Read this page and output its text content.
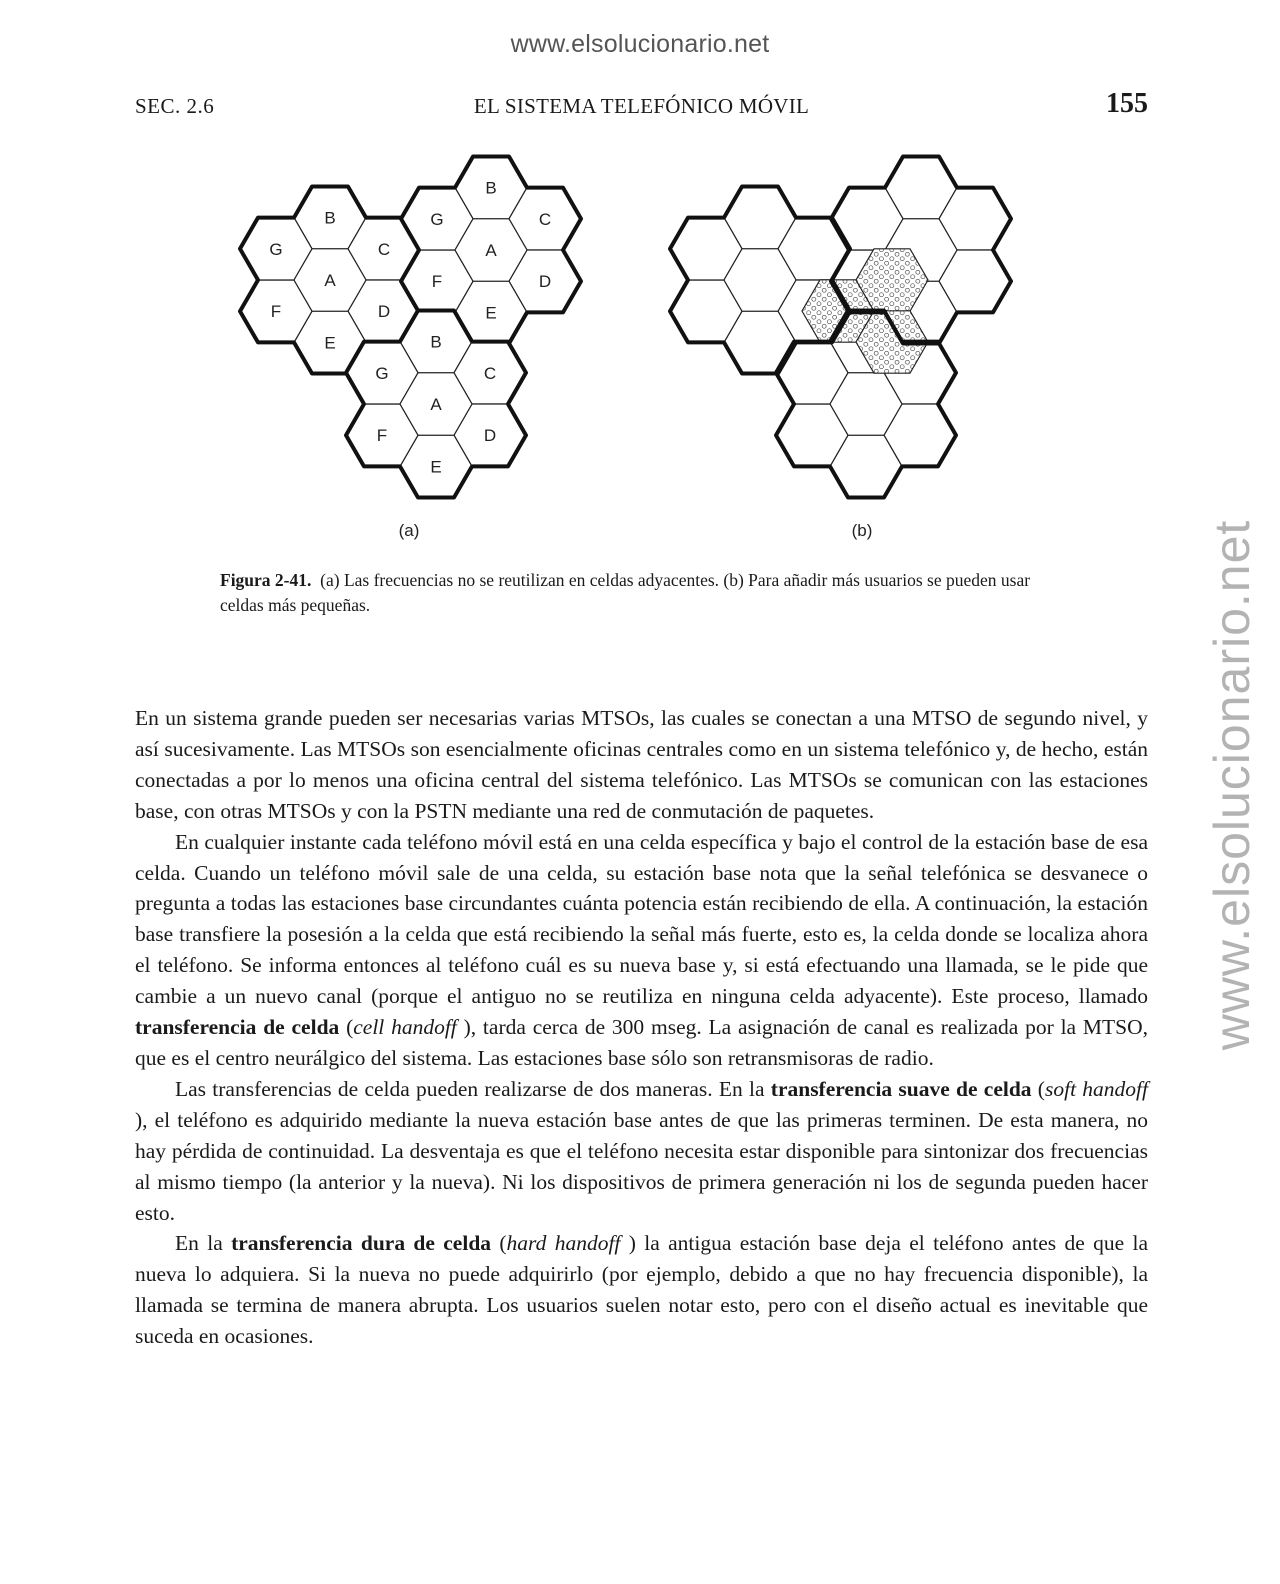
www.elsolucionario.net
www.elsolucionario.net
SEC. 2.6	EL SISTEMA TELEFÓNICO MÓVIL	155
B
C
D
E
F
G
A
B
C
D
E
F
G
A
B
C
D
E
F
G
A
(a)	(b)
Figura 2-41. (a) Las frecuencias no se reutilizan en celdas adyacentes. (b) Para añadir más usuarios se pueden usar celdas más pequeñas.

En un sistema grande pueden ser necesarias varias MTSOs, las cuales se conectan a una MTSO de segundo nivel, y así sucesivamente. Las MTSOs son esencialmente oficinas centrales como en un sistema telefónico y, de hecho, están conectadas a por lo menos una oficina central del sistema telefónico. Las MTSOs se comunican con las estaciones base, con otras MTSOs y con la PSTN mediante una red de conmutación de paquetes.

En cualquier instante cada teléfono móvil está en una celda específica y bajo el control de la estación base de esa celda. Cuando un teléfono móvil sale de una celda, su estación base nota que la señal telefónica se desvanece o pregunta a todas las estaciones base circundantes cuánta potencia están recibiendo de ella. A continuación, la estación base transfiere la posesión a la celda que está recibiendo la señal más fuerte, esto es, la celda donde se localiza ahora el teléfono. Se informa entonces al teléfono cuál es su nueva base y, si está efectuando una llamada, se le pide que cambie a un nuevo canal (porque el antiguo no se reutiliza en ninguna celda adyacente). Este proceso, llamado transferencia de celda (cell handoff ), tarda cerca de 300 mseg. La asignación de canal es realizada por la MTSO, que es el centro neurálgico del sistema. Las estaciones base sólo son retransmisoras de radio.

Las transferencias de celda pueden realizarse de dos maneras. En la transferencia suave de celda (soft handoff ), el teléfono es adquirido mediante la nueva estación base antes de que las primeras terminen. De esta manera, no hay pérdida de continuidad. La desventaja es que el teléfono necesita estar disponible para sintonizar dos frecuencias al mismo tiempo (la anterior y la nueva). Ni los dispositivos de primera generación ni los de segunda pueden hacer esto.

En la transferencia dura de celda (hard handoff ) la antigua estación base deja el teléfono antes de que la nueva lo adquiera. Si la nueva no puede adquirirlo (por ejemplo, debido a que no hay frecuencia disponible), la llamada se termina de manera abrupta. Los usuarios suelen notar esto, pero con el diseño actual es inevitable que suceda en ocasiones.
